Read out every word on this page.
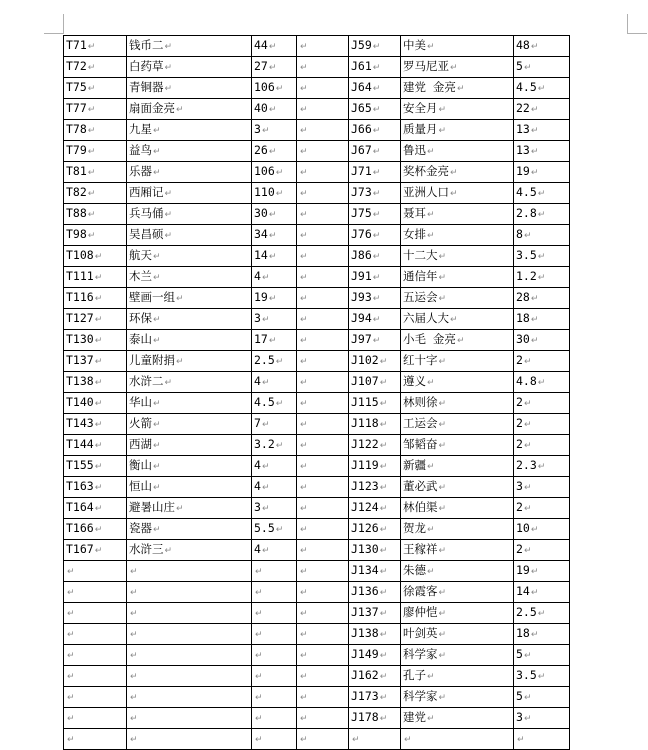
T71↵	钱币二↵	44↵	↵	J59↵	中美↵	48↵
T72↵	白药草↵	27↵	↵	J61↵	罗马尼亚↵	5↵
T75↵	青铜器↵	106↵	↵	J64↵	建党 金亮↵	4.5↵
T77↵	扇面金亮↵	40↵	↵	J65↵	安全月↵	22↵
T78↵	九星↵	3↵	↵	J66↵	质量月↵	13↵
T79↵	益鸟↵	26↵	↵	J67↵	鲁迅↵	13↵
T81↵	乐器↵	106↵	↵	J71↵	奖杯金亮↵	19↵
T82↵	西厢记↵	110↵	↵	J73↵	亚洲人口↵	4.5↵
T88↵	兵马俑↵	30↵	↵	J75↵	聂耳↵	2.8↵
T98↵	吴昌硕↵	34↵	↵	J76↵	女排↵	8↵
T108↵	航天↵	14↵	↵	J86↵	十二大↵	3.5↵
T111↵	木兰↵	4↵	↵	J91↵	通信年↵	1.2↵
T116↵	壁画一组↵	19↵	↵	J93↵	五运会↵	28↵
T127↵	环保↵	3↵	↵	J94↵	六届人大↵	18↵
T130↵	泰山↵	17↵	↵	J97↵	小毛 金亮↵	30↵
T137↵	儿童附捐↵	2.5↵	↵	J102↵	红十字↵	2↵
T138↵	水浒二↵	4↵	↵	J107↵	遵义↵	4.8↵
T140↵	华山↵	4.5↵	↵	J115↵	林则徐↵	2↵
T143↵	火箭↵	7↵	↵	J118↵	工运会↵	2↵
T144↵	西湖↵	3.2↵	↵	J122↵	邹韬奋↵	2↵
T155↵	衡山↵	4↵	↵	J119↵	新疆↵	2.3↵
T163↵	恒山↵	4↵	↵	J123↵	董必武↵	3↵
T164↵	避暑山庄↵	3↵	↵	J124↵	林伯渠↵	2↵
T166↵	瓷器↵	5.5↵	↵	J126↵	贺龙↵	10↵
T167↵	水浒三↵	4↵	↵	J130↵	王稼祥↵	2↵
↵	↵	↵	↵	J134↵	朱德↵	19↵
↵	↵	↵	↵	J136↵	徐霞客↵	14↵
↵	↵	↵	↵	J137↵	廖仲恺↵	2.5↵
↵	↵	↵	↵	J138↵	叶剑英↵	18↵
↵	↵	↵	↵	J149↵	科学家↵	5↵
↵	↵	↵	↵	J162↵	孔子↵	3.5↵
↵	↵	↵	↵	J173↵	科学家↵	5↵
↵	↵	↵	↵	J178↵	建党↵	3↵
↵	↵	↵	↵	↵	↵	↵
